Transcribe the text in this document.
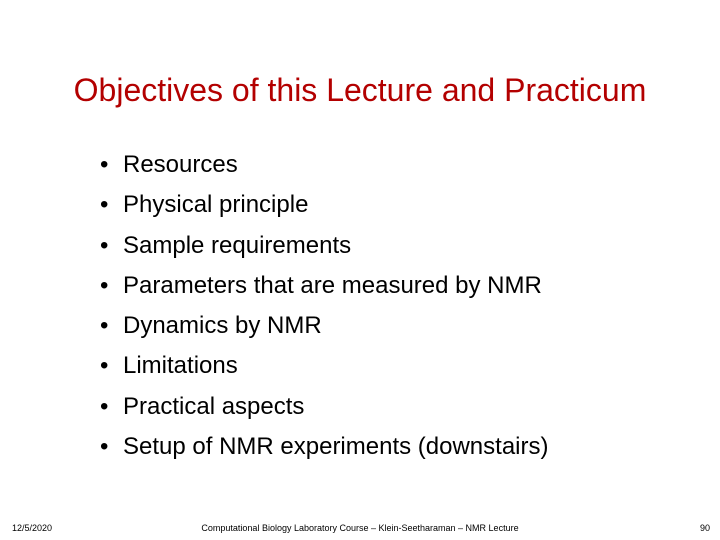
Objectives of this Lecture and Practicum
• Resources
• Physical principle
• Sample requirements
• Parameters that are measured by NMR
• Dynamics by NMR
• Limitations
• Practical aspects
• Setup of NMR experiments (downstairs)
12/5/2020	Computational Biology Laboratory Course – Klein-Seetharaman – NMR Lecture	90
